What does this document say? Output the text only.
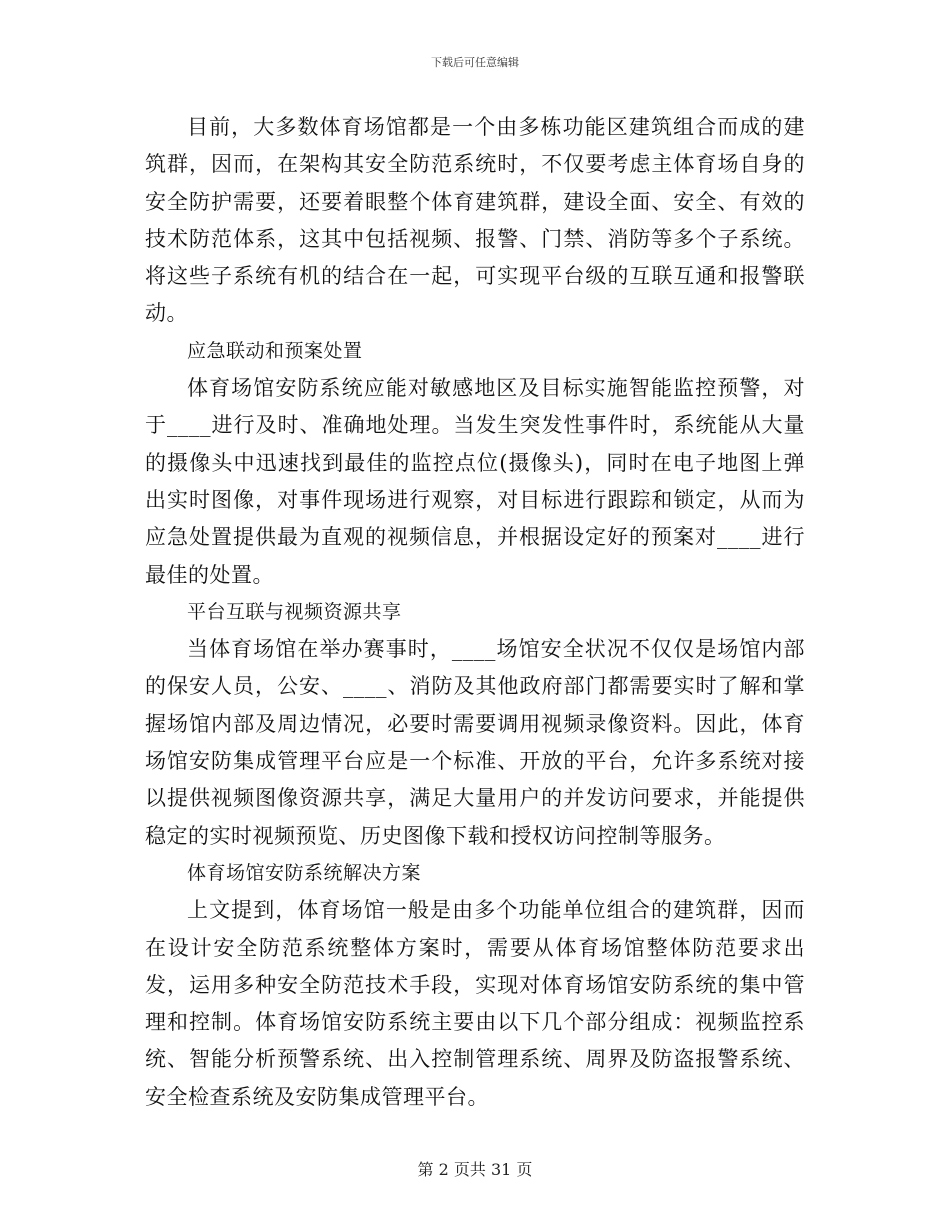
下载后可任意编辑

目前，大多数体育场馆都是一个由多栋功能区建筑组合而成的建筑群，因而，在架构其安全防范系统时，不仅要考虑主体育场自身的安全防护需要，还要着眼整个体育建筑群，建设全面、安全、有效的技术防范体系，这其中包括视频、报警、门禁、消防等多个子系统。将这些子系统有机的结合在一起，可实现平台级的互联互通和报警联动。

应急联动和预案处置

体育场馆安防系统应能对敏感地区及目标实施智能监控预警，对于____进行及时、准确地处理。当发生突发性事件时，系统能从大量的摄像头中迅速找到最佳的监控点位(摄像头)，同时在电子地图上弹出实时图像，对事件现场进行观察，对目标进行跟踪和锁定，从而为应急处置提供最为直观的视频信息，并根据设定好的预案对____进行最佳的处置。

平台互联与视频资源共享

当体育场馆在举办赛事时，____场馆安全状况不仅仅是场馆内部的保安人员，公安、____、消防及其他政府部门都需要实时了解和掌握场馆内部及周边情况，必要时需要调用视频录像资料。因此，体育场馆安防集成管理平台应是一个标准、开放的平台，允许多系统对接以提供视频图像资源共享，满足大量用户的并发访问要求，并能提供稳定的实时视频预览、历史图像下载和授权访问控制等服务。

体育场馆安防系统解决方案

上文提到，体育场馆一般是由多个功能单位组合的建筑群，因而在设计安全防范系统整体方案时，需要从体育场馆整体防范要求出发，运用多种安全防范技术手段，实现对体育场馆安防系统的集中管理和控制。体育场馆安防系统主要由以下几个部分组成：视频监控系统、智能分析预警系统、出入控制管理系统、周界及防盗报警系统、安全检查系统及安防集成管理平台。

第 2 页共 31 页
